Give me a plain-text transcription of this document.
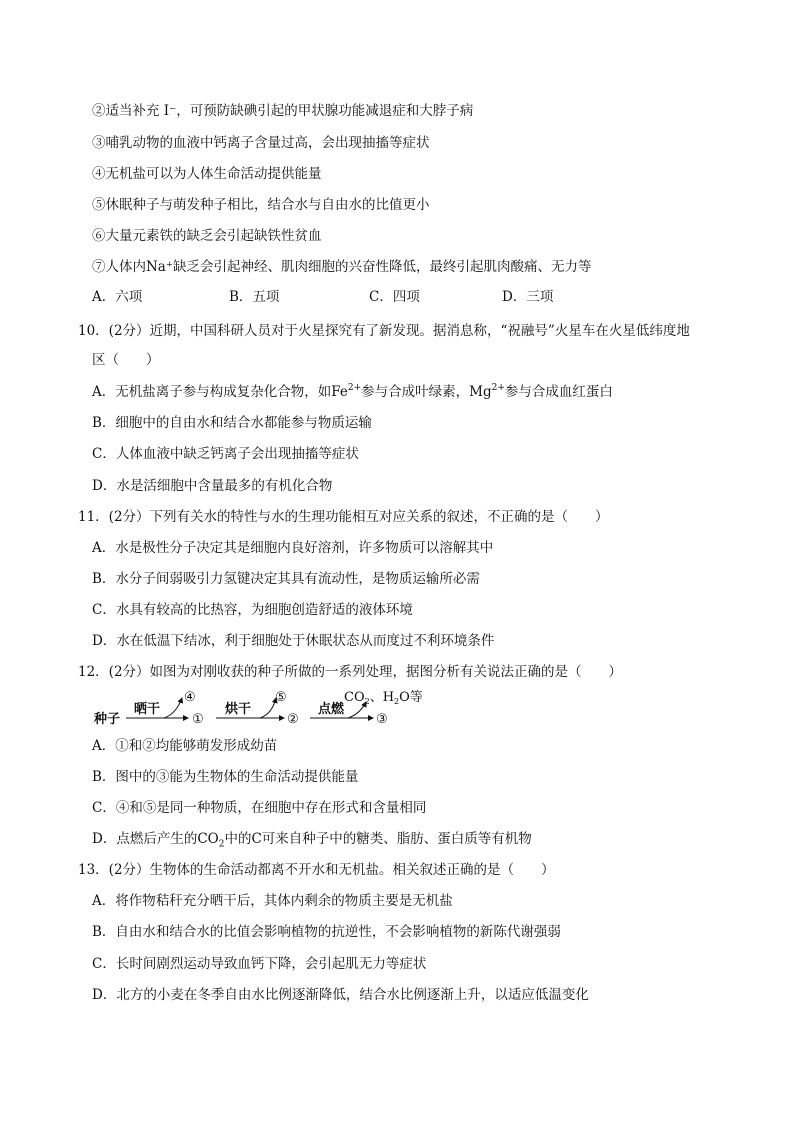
②适当补充 I⁻，可预防缺碘引起的甲状腺功能减退症和大脖子病
③哺乳动物的血液中钙离子含量过高，会出现抽搐等症状
④无机盐可以为人体生命活动提供能量
⑤休眠种子与萌发种子相比，结合水与自由水的比值更小
⑥大量元素铁的缺乏会引起缺铁性贫血
⑦人体内Na⁺缺乏会引起神经、肌肉细胞的兴奋性降低，最终引起肌肉酸痛、无力等
A．六项	B．五项	C．四项	D．三项
10．(2分）近期，中国科研人员对于火星探究有了新发现。据消息称，“祝融号”火星车在火星低纬度地
区（　　）
A．无机盐离子参与构成复杂化合物，如$Fe^{2+}$参与合成叶绿素，$Mg^{2+}$参与合成血红蛋白
B．细胞中的自由水和结合水都能参与物质运输
C．人体血液中缺乏钙离子会出现抽搐等症状
D．水是活细胞中含量最多的有机化合物
11．(2分）下列有关水的特性与水的生理功能相互对应关系的叙述，不正确的是（　　）
A．水是极性分子决定其是细胞内良好溶剂，许多物质可以溶解其中
B．水分子间弱吸引力氢键决定其具有流动性，是物质运输所必需
C．水具有较高的比热容，为细胞创造舒适的液体环境
D．水在低温下结冰，利于细胞处于休眠状态从而度过不利环境条件
12．(2分）如图为对刚收获的种子所做的一系列处理，据图分析有关说法正确的是（　　）
种子
晒干
④
①
烘干
⑤
②
点燃
$CO_2$、$H_2O$等
③
A．①和②均能够萌发形成幼苗
B．图中的③能为生物体的生命活动提供能量
C．④和⑤是同一种物质，在细胞中存在形式和含量相同
D．点燃后产生的$CO_2$中的C可来自种子中的糖类、脂肪、蛋白质等有机物
13．(2分）生物体的生命活动都离不开水和无机盐。相关叙述正确的是（　　）
A．将作物秸秆充分晒干后，其体内剩余的物质主要是无机盐
B．自由水和结合水的比值会影响植物的抗逆性，不会影响植物的新陈代谢强弱
C．长时间剧烈运动导致血钙下降，会引起肌无力等症状
D．北方的小麦在冬季自由水比例逐渐降低，结合水比例逐渐上升，以适应低温变化
